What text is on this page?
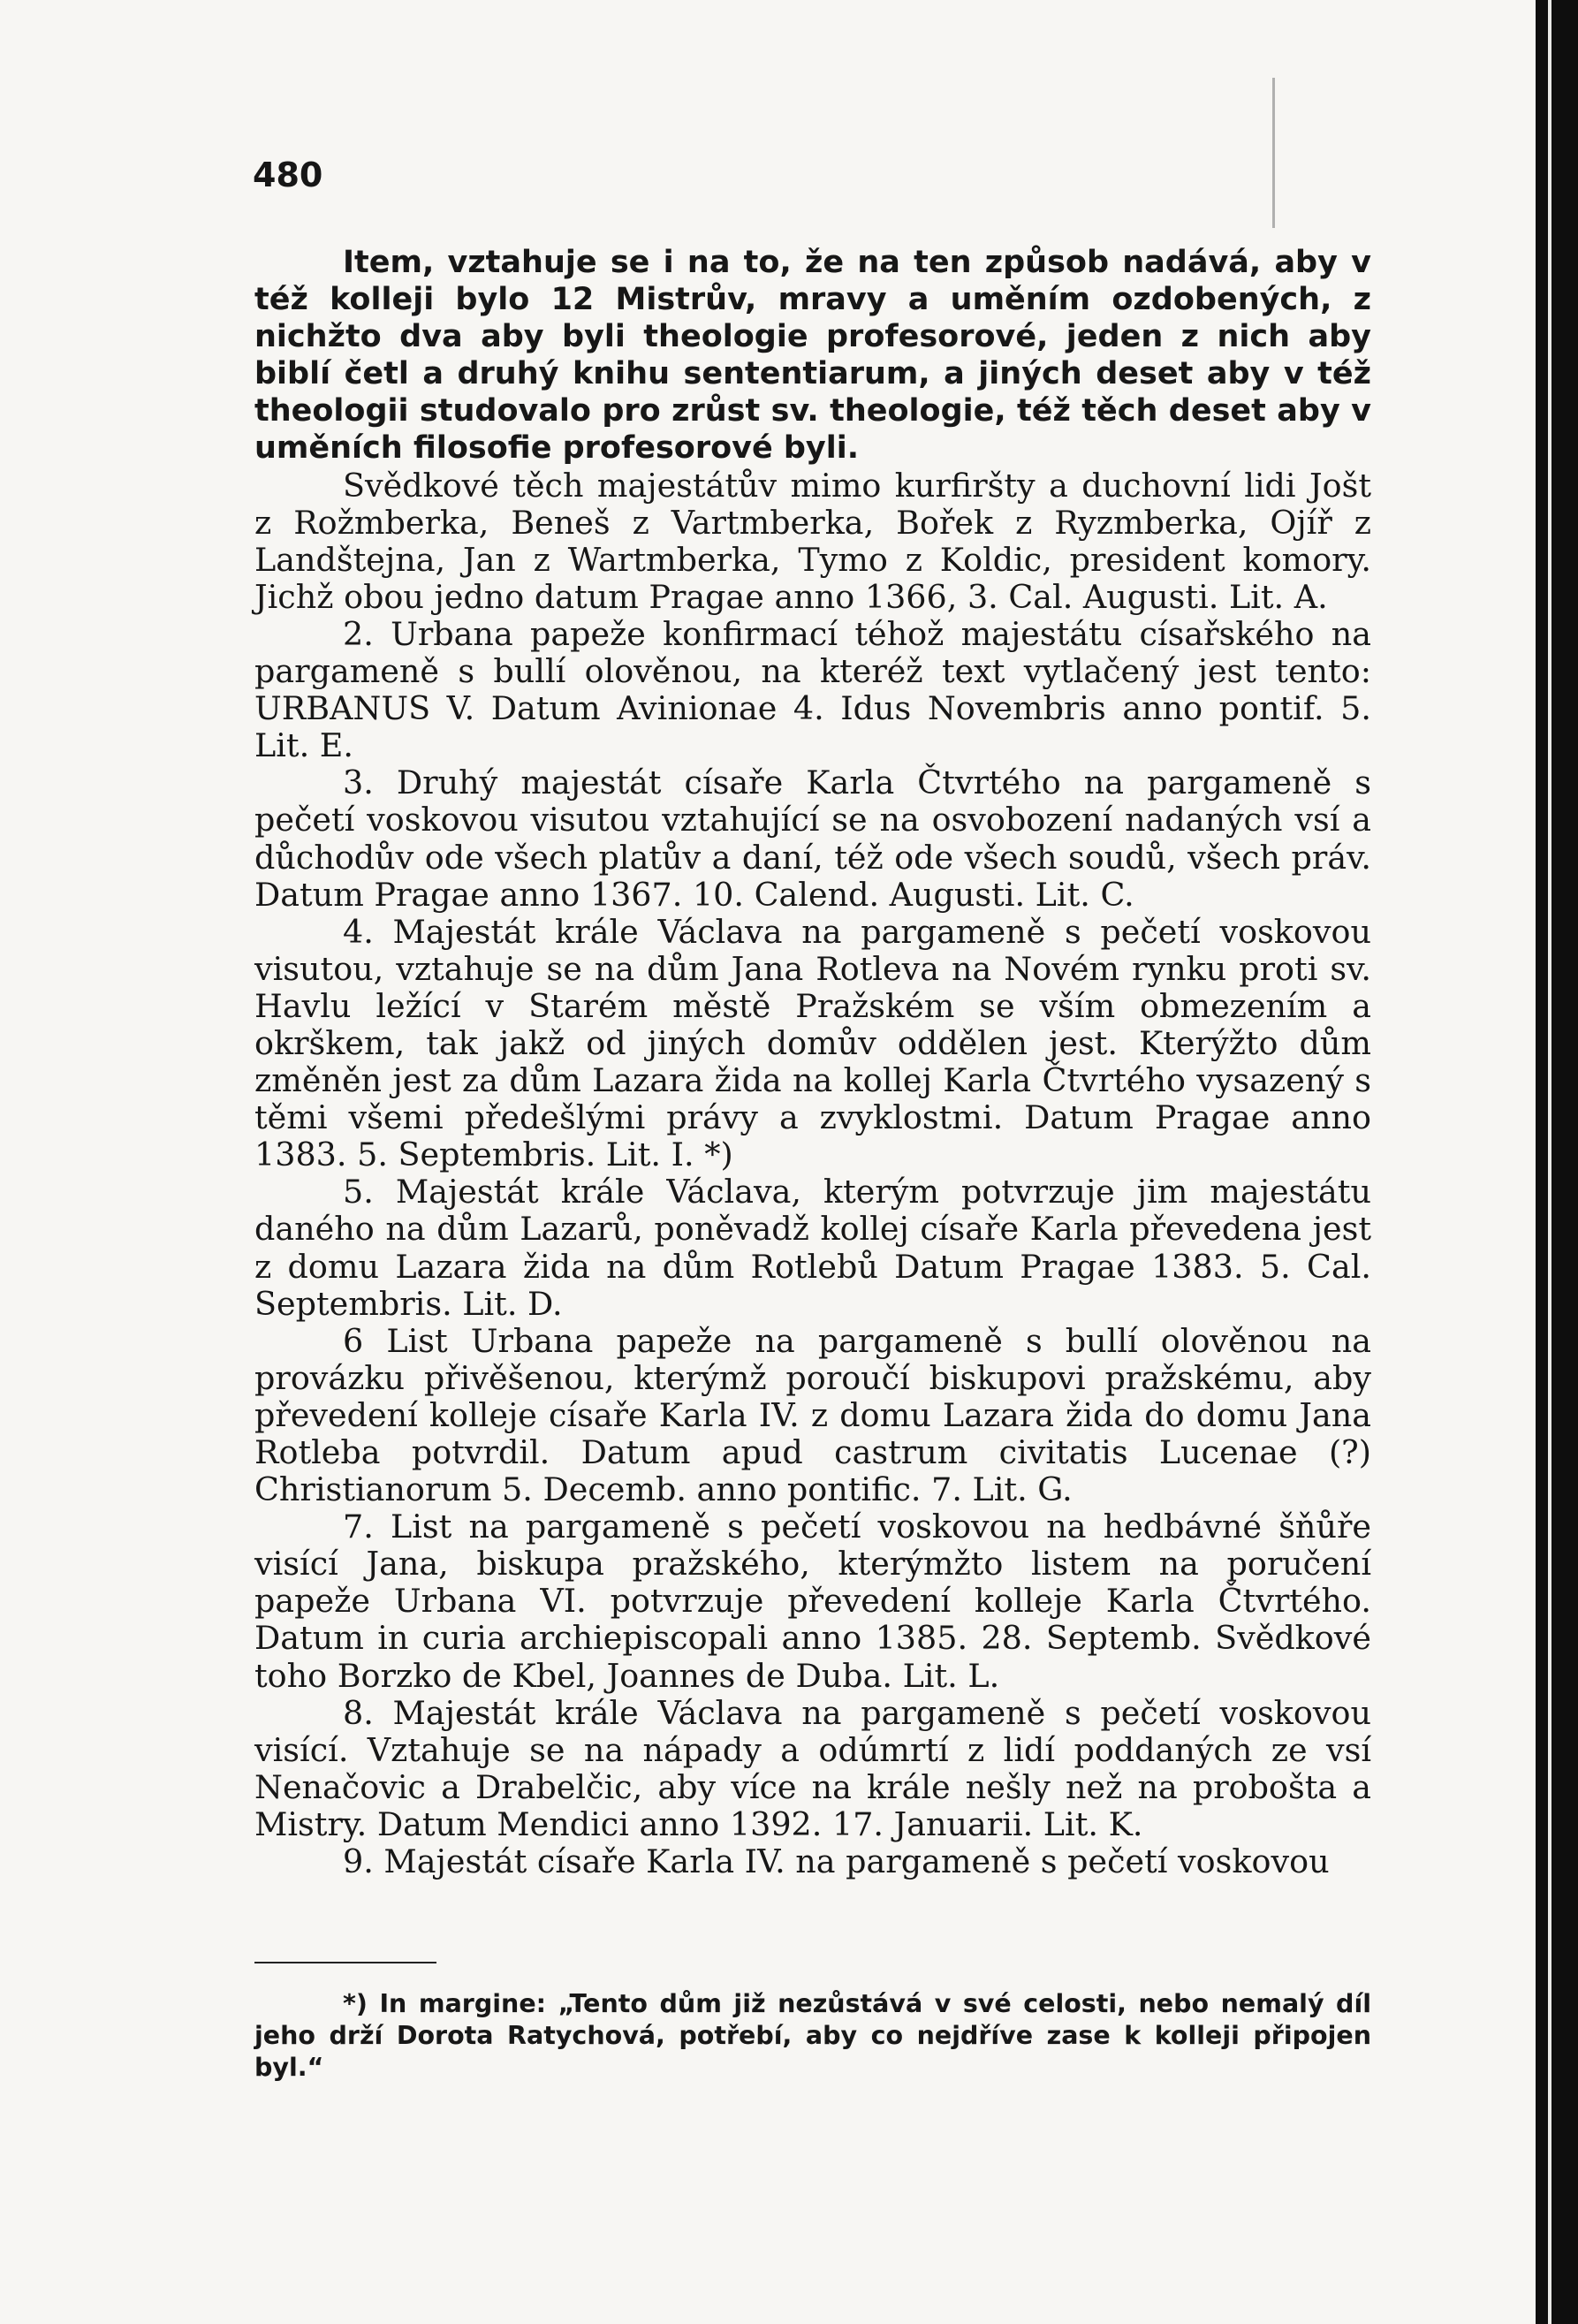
480

Item, vztahuje se i na to, že na ten způsob nadává, aby v též kolleji bylo 12 Mistrův, mravy a uměním ozdobených, z nichžto dva aby byli theologie profesorové, jeden z nich aby biblí četl a druhý knihu sententiarum, a jiných deset aby v též theologii studovalo pro zrůst sv. theologie, též těch deset aby v uměních filosofie profesorové byli.

Svědkové těch majestátův mimo kurfiršty a duchovní lidi Jošt z Rožmberka, Beneš z Vartmberka, Bořek z Ryzmberka, Ojíř z Landštejna, Jan z Wartmberka, Tymo z Koldic, president komory. Jichž obou jedno datum Pragae anno 1366, 3. Cal. Augusti. Lit. A.

2. Urbana papeže konfirmací téhož majestátu císařského na pargameně s bullí olověnou, na kteréž text vytlačený jest tento: URBANUS V. Datum Avinionae 4. Idus Novembris anno pontif. 5. Lit. E.

3. Druhý majestát císaře Karla Čtvrtého na pargameně s pečetí voskovou visutou vztahující se na osvobození nadaných vsí a důchodův ode všech platův a daní, též ode všech soudů, všech práv. Datum Pragae anno 1367. 10. Calend. Augusti. Lit. C.

4. Majestát krále Václava na pargameně s pečetí voskovou visutou, vztahuje se na dům Jana Rotleva na Novém rynku proti sv. Havlu ležící v Starém městě Pražském se vším obmezením a okrškem, tak jakž od jiných domův oddělen jest. Kterýžto dům změněn jest za dům Lazara žida na kollej Karla Čtvrtého vysazený s těmi všemi předešlými právy a zvyklostmi. Datum Pragae anno 1383. 5. Septembris. Lit. I. *)

5. Majestát krále Václava, kterým potvrzuje jim majestátu daného na dům Lazarů, poněvadž kollej císaře Karla převedena jest z domu Lazara žida na dům Rotlebů Datum Pragae 1383. 5. Cal. Septembris. Lit. D.

6 List Urbana papeže na pargameně s bullí olověnou na provázku přivěšenou, kterýmž poroučí biskupovi pražskému, aby převedení kolleje císaře Karla IV. z domu Lazara žida do domu Jana Rotleba potvrdil. Datum apud castrum civitatis Lucenae (?) Christianorum 5. Decemb. anno pontific. 7. Lit. G.

7. List na pargameně s pečetí voskovou na hedbávné šňůře visící Jana, biskupa pražského, kterýmžto listem na poručení papeže Urbana VI. potvrzuje převedení kolleje Karla Čtvrtého. Datum in curia archiepiscopali anno 1385. 28. Septemb. Svědkové toho Borzko de Kbel, Joannes de Duba. Lit. L.

8. Majestát krále Václava na pargameně s pečetí voskovou visící. Vztahuje se na nápady a odúmrtí z lidí poddaných ze vsí Nenačovic a Drabelčic, aby více na krále nešly než na probošta a Mistry. Datum Mendici anno 1392. 17. Januarii. Lit. K.

9. Majestát císaře Karla IV. na pargameně s pečetí voskovou

*) In margine: „Tento dům již nezůstává v své celosti, nebo nemalý díl jeho drží Dorota Ratychová, potřebí, aby co nejdříve zase k kolleji připojen byl.“
